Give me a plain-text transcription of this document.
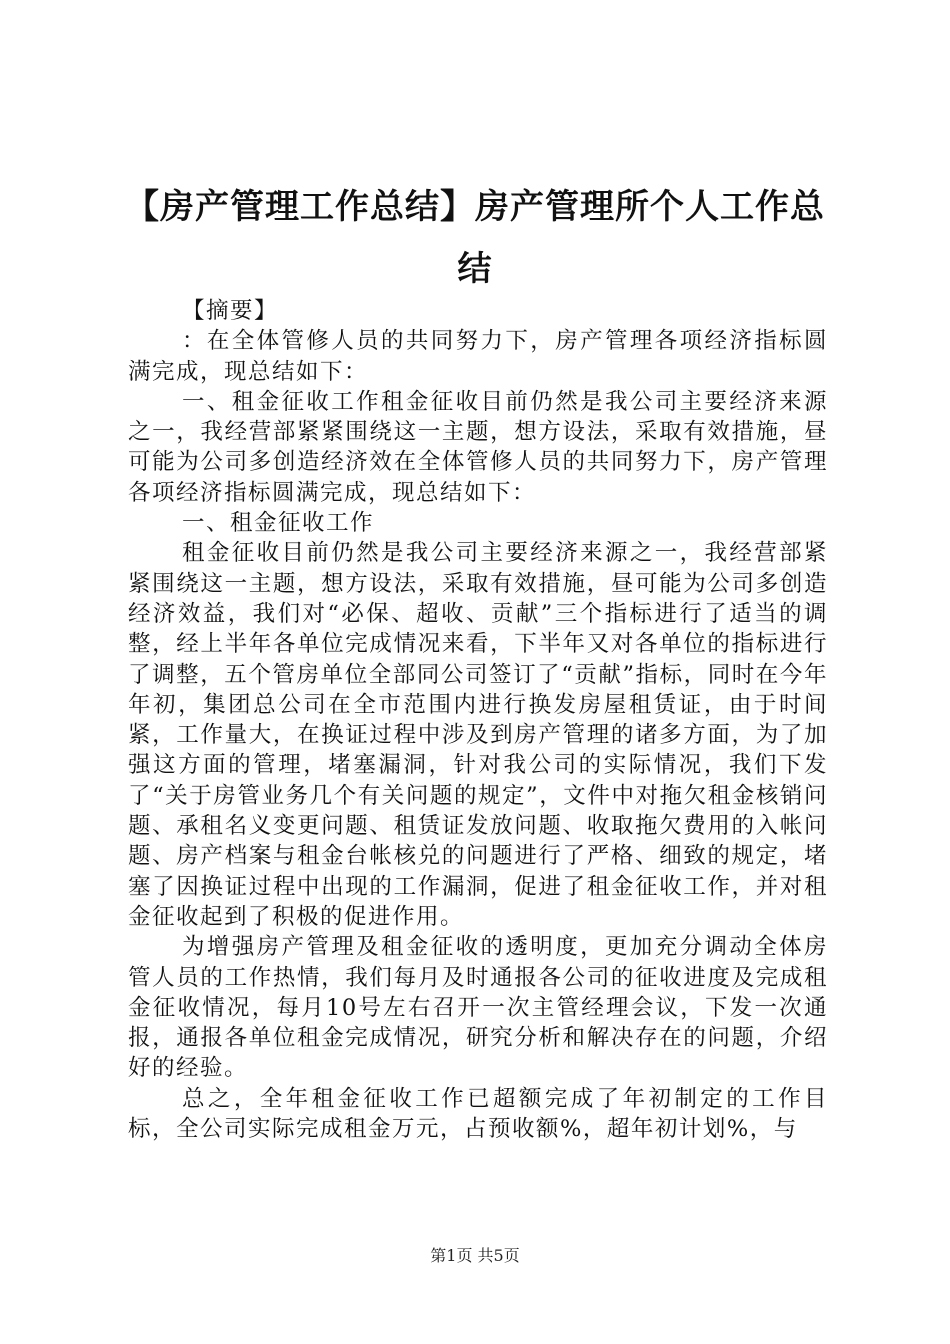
【房产管理工作总结】房产管理所个人工作总结

【摘要】

：在全体管修人员的共同努力下，房产管理各项经济指标圆满完成，现总结如下：

一、租金征收工作租金征收目前仍然是我公司主要经济来源之一，我经营部紧紧围绕这一主题，想方设法，采取有效措施，昼可能为公司多创造经济效在全体管修人员的共同努力下，房产管理各项经济指标圆满完成，现总结如下：

一、租金征收工作

租金征收目前仍然是我公司主要经济来源之一，我经营部紧紧围绕这一主题，想方设法，采取有效措施，昼可能为公司多创造经济效益，我们对“必保、超收、贡献”三个指标进行了适当的调整，经上半年各单位完成情况来看，下半年又对各单位的指标进行了调整，五个管房单位全部同公司签订了“贡献”指标，同时在今年年初，集团总公司在全市范围内进行换发房屋租赁证，由于时间紧，工作量大，在换证过程中涉及到房产管理的诸多方面，为了加强这方面的管理，堵塞漏洞，针对我公司的实际情况，我们下发了“关于房管业务几个有关问题的规定”，文件中对拖欠租金核销问题、承租名义变更问题、租赁证发放问题、收取拖欠费用的入帐问题、房产档案与租金台帐核兑的问题进行了严格、细致的规定，堵塞了因换证过程中出现的工作漏洞，促进了租金征收工作，并对租金征收起到了积极的促进作用。

为增强房产管理及租金征收的透明度，更加充分调动全体房管人员的工作热情，我们每月及时通报各公司的征收进度及完成租金征收情况，每月10号左右召开一次主管经理会议，下发一次通报，通报各单位租金完成情况，研究分析和解决存在的问题，介绍好的经验。

总之，全年租金征收工作已超额完成了年初制定的工作目标，全公司实际完成租金万元，占预收额%，超年初计划%，与

第1页 共5页
